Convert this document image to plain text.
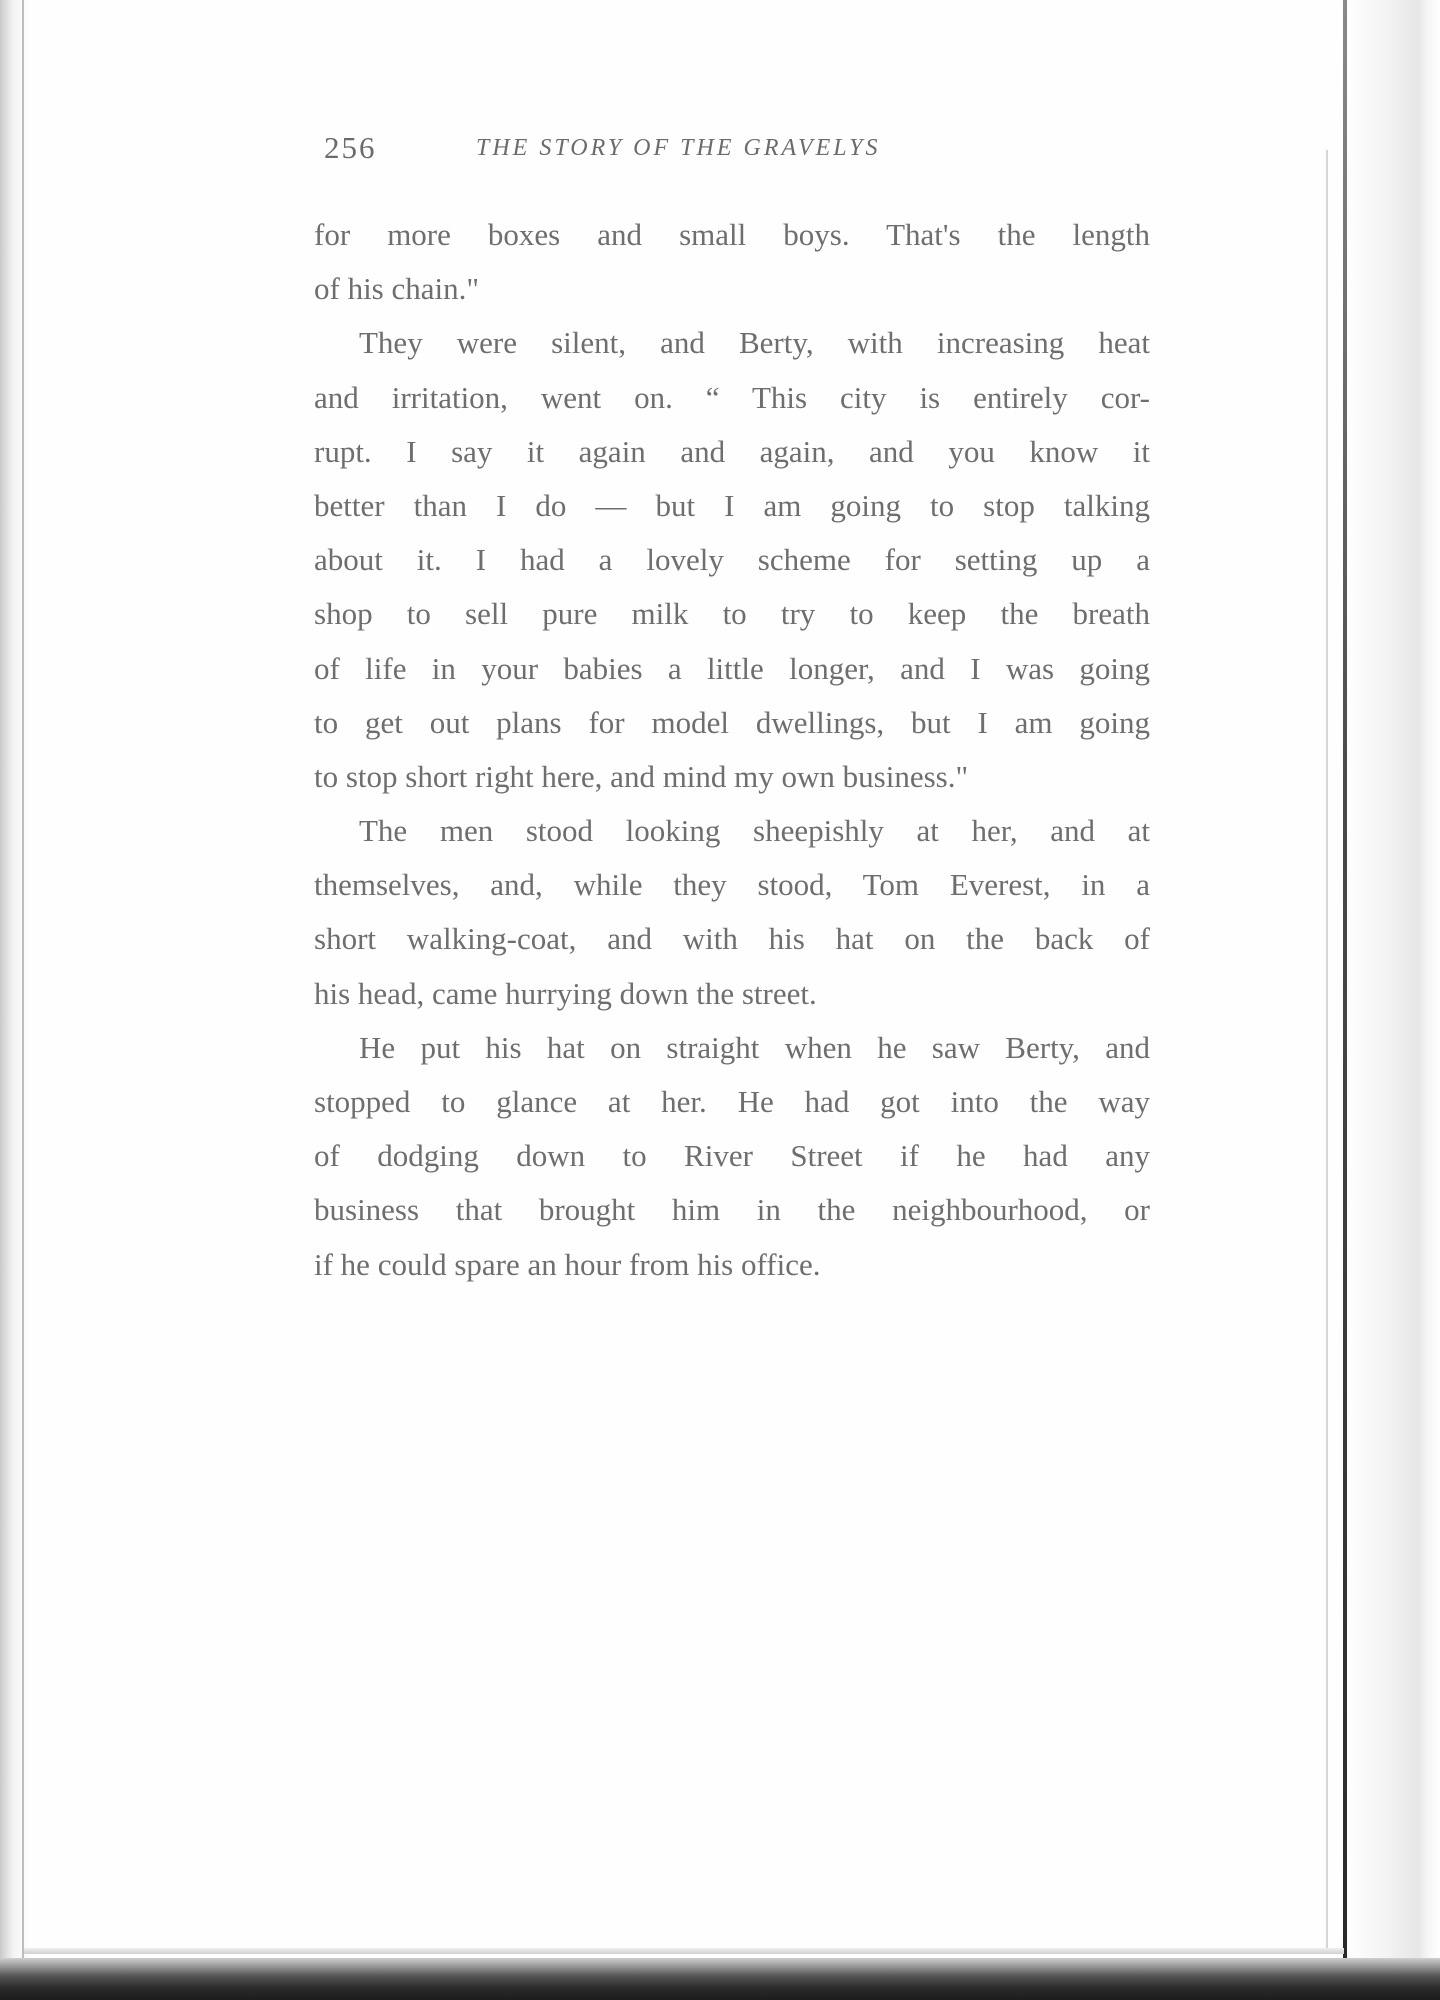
256	THE STORY OF THE GRAVELYS
for more boxes and small boys. That's the length
of his chain."
They were silent, and Berty, with increasing heat
and irritation, went on. “ This city is entirely cor-
rupt. I say it again and again, and you know it
better than I do — but I am going to stop talking
about it. I had a lovely scheme for setting up a
shop to sell pure milk to try to keep the breath
of life in your babies a little longer, and I was going
to get out plans for model dwellings, but I am going
to stop short right here, and mind my own business."
The men stood looking sheepishly at her, and at
themselves, and, while they stood, Tom Everest, in a
short walking-coat, and with his hat on the back of
his head, came hurrying down the street.
He put his hat on straight when he saw Berty, and
stopped to glance at her. He had got into the way
of dodging down to River Street if he had any
business that brought him in the neighbourhood, or
if he could spare an hour from his office.
